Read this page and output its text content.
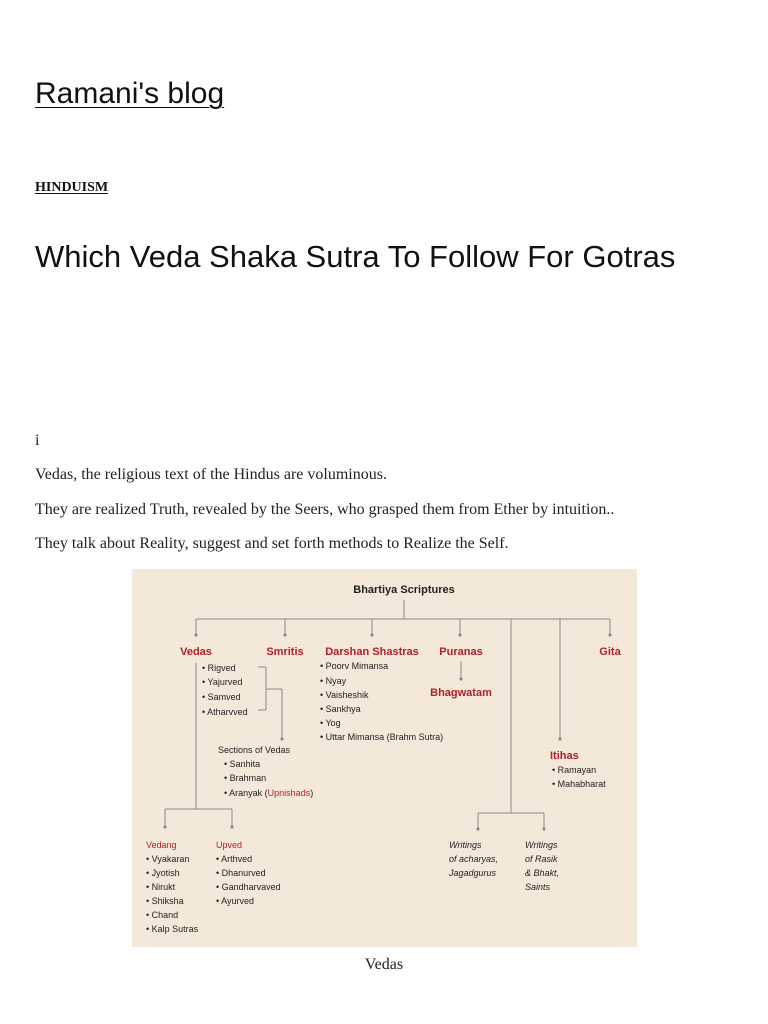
Ramani's blog
HINDUISM
Which Veda Shaka Sutra To Follow For Gotras

i

Vedas, the religious text of the Hindus are voluminous.

They are realized Truth, revealed by the Seers, who grasped them from Ether by intuition..

They talk about Reality, suggest and set forth methods to Realize the Self.

Bhartiya Scriptures
Vedas	Smritis Darshan Shastras Puranas	Gita
• Rigved
• Yajurved
• Samved
• Atharvved
• Poorv Mimansa
• Nyay
• Vaisheshik
• Sankhya
• Yog
• Uttar Mimansa (Brahm Sutra)
Bhagwatam
Sections of Vedas
• Sanhita
• Brahman
• Aranyak (Upnishads)
Itihas
• Ramayan
• Mahabharat
Vedang
• Vyakaran
• Jyotish
• Nirukt
• Shiksha
• Chand
• Kalp Sutras
Upved
• Arthved
• Dhanurved
• Gandharvaved
• Ayurved
Writings
of acharyas,
Jagadgurus
Writings
of Rasik
& Bhakt,
Saints
Vedas
